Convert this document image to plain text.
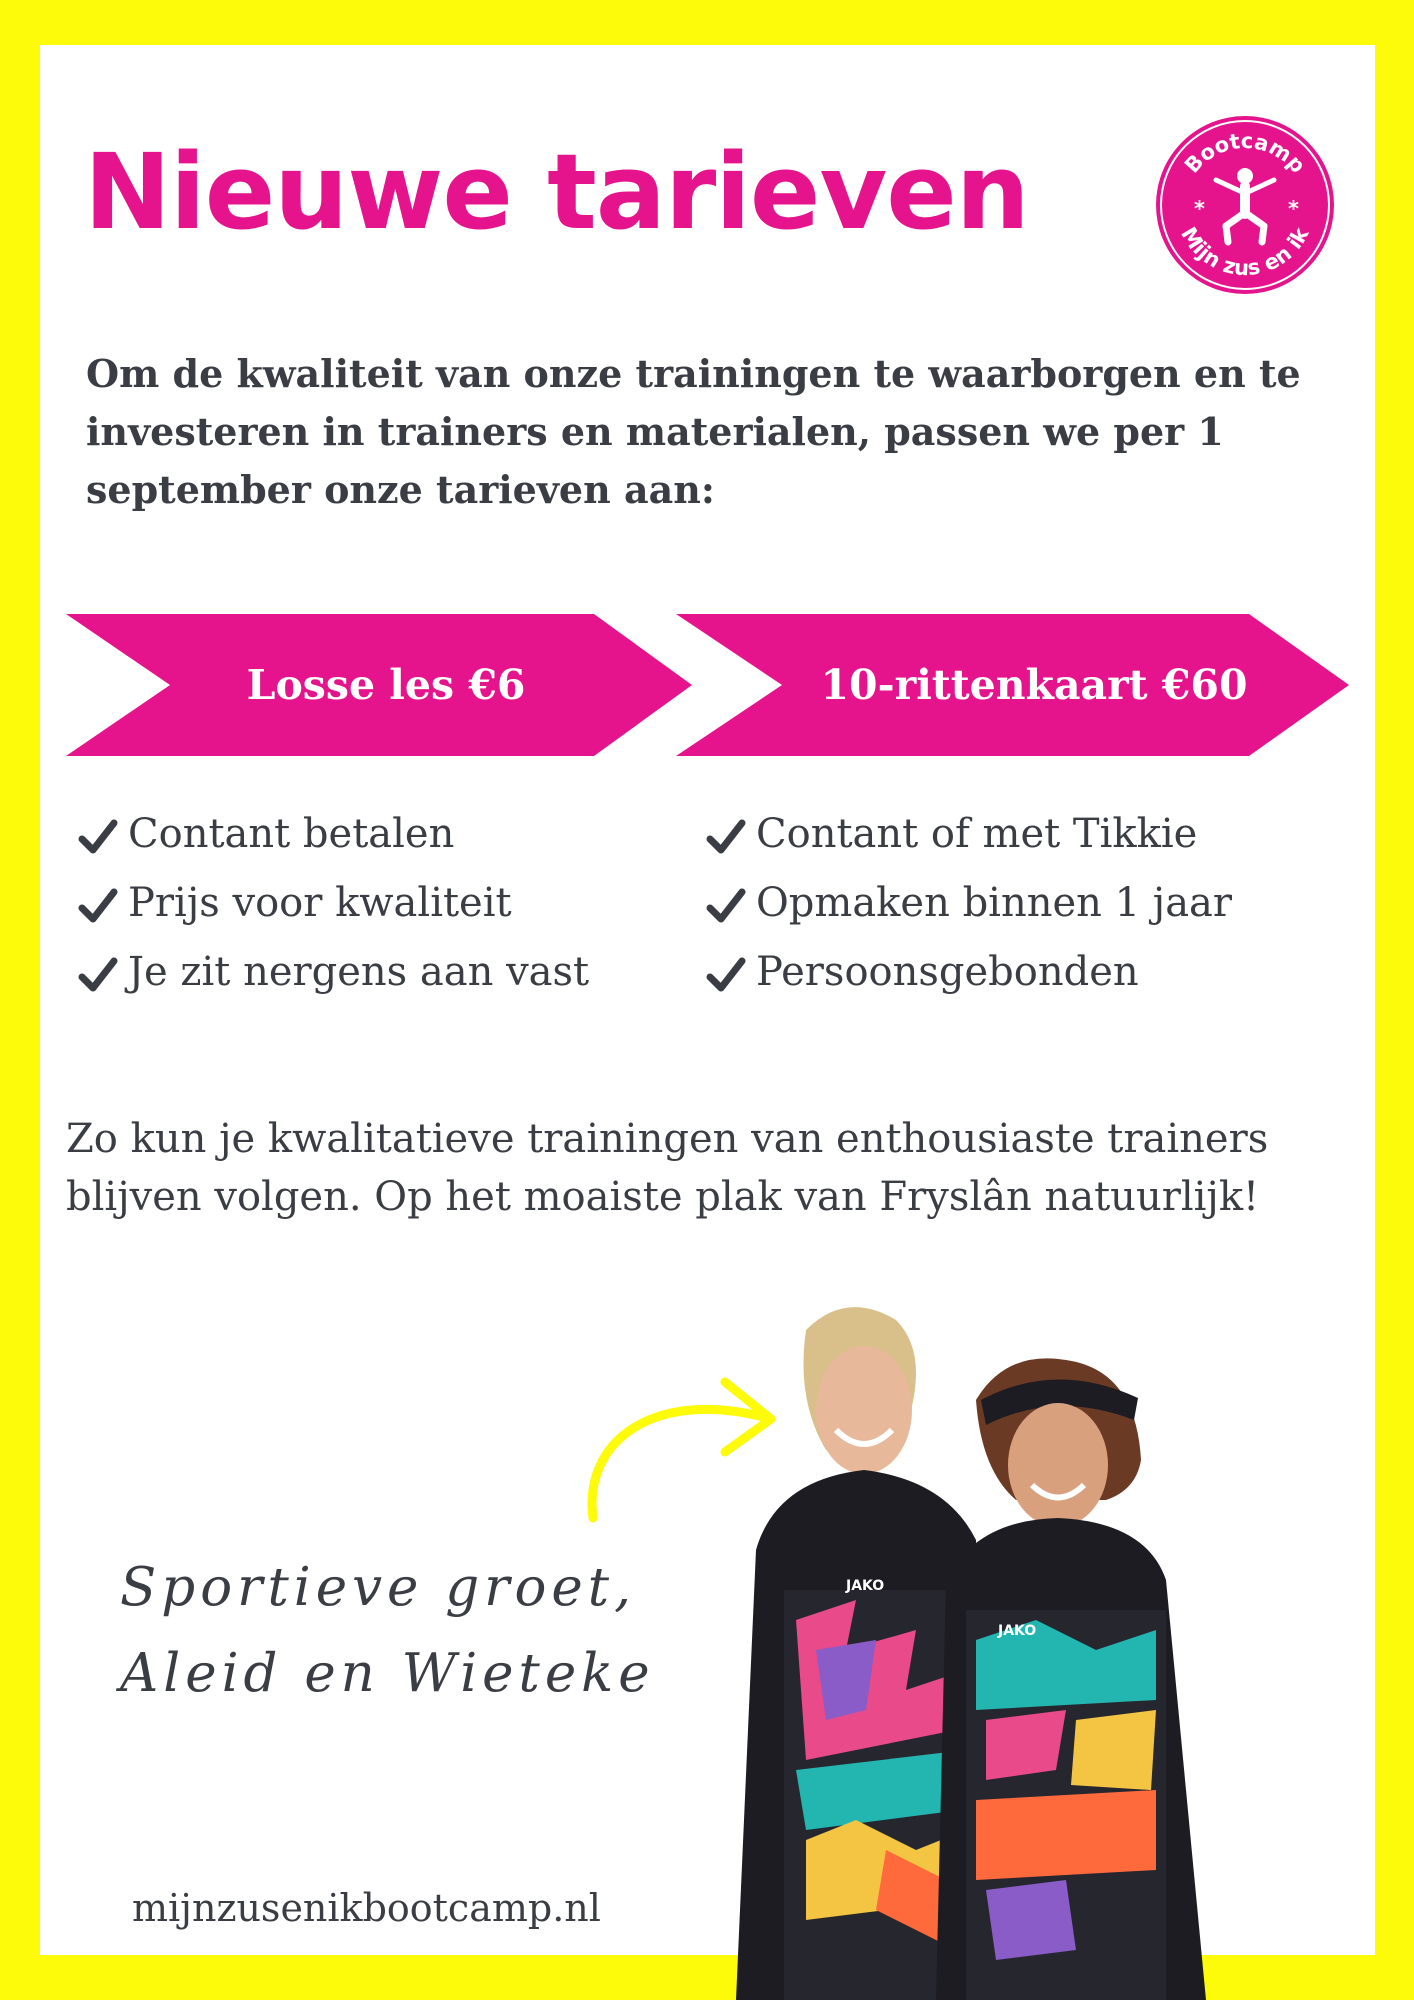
Nieuwe tarieven	Bootcamp
Mijn zus en ik
*	*

Om de kwaliteit van onze trainingen te waarborgen en te investeren in trainers en materialen, passen we per 1 september onze tarieven aan:

Losse les €6	10-rittenkaart €60
Contant betalen
Prijs voor kwaliteit
Je zit nergens aan vast
Contant of met Tikkie
Opmaken binnen 1 jaar
Persoonsgebonden

Zo kun je kwalitatieve trainingen van enthousiaste trainers blijven volgen. Op het moaiste plak van Fryslân natuurlijk!

Sportieve groet,
Aleid en Wieteke
JAKO
JAKO
mijnzusenikbootcamp.nl
